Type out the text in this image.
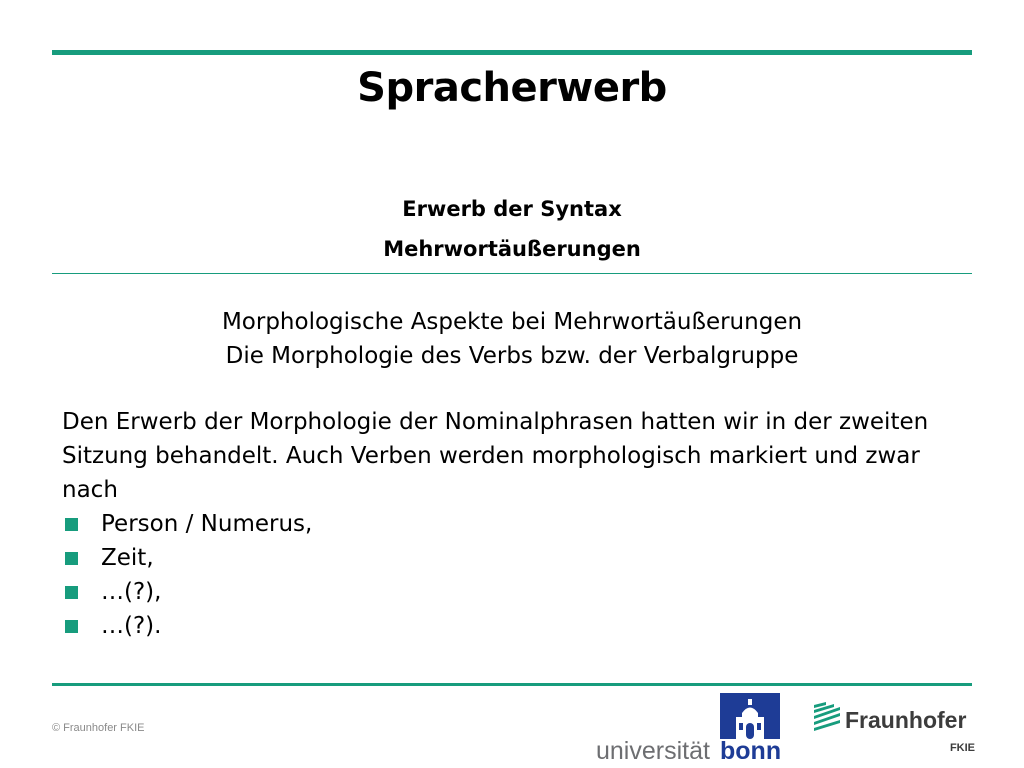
Spracherwerb
Erwerb der Syntax
Mehrwortäußerungen
Morphologische Aspekte bei Mehrwortäußerungen
Die Morphologie des Verbs bzw. der Verbalgruppe
Den Erwerb der Morphologie der Nominalphrasen hatten wir in der zweiten Sitzung behandelt. Auch Verben werden morphologisch markiert und zwar nach
Person / Numerus,
Zeit,
…(?),
…(?).
© Fraunhofer FKIE
universität bonn
Fraunhofer
FKIE
